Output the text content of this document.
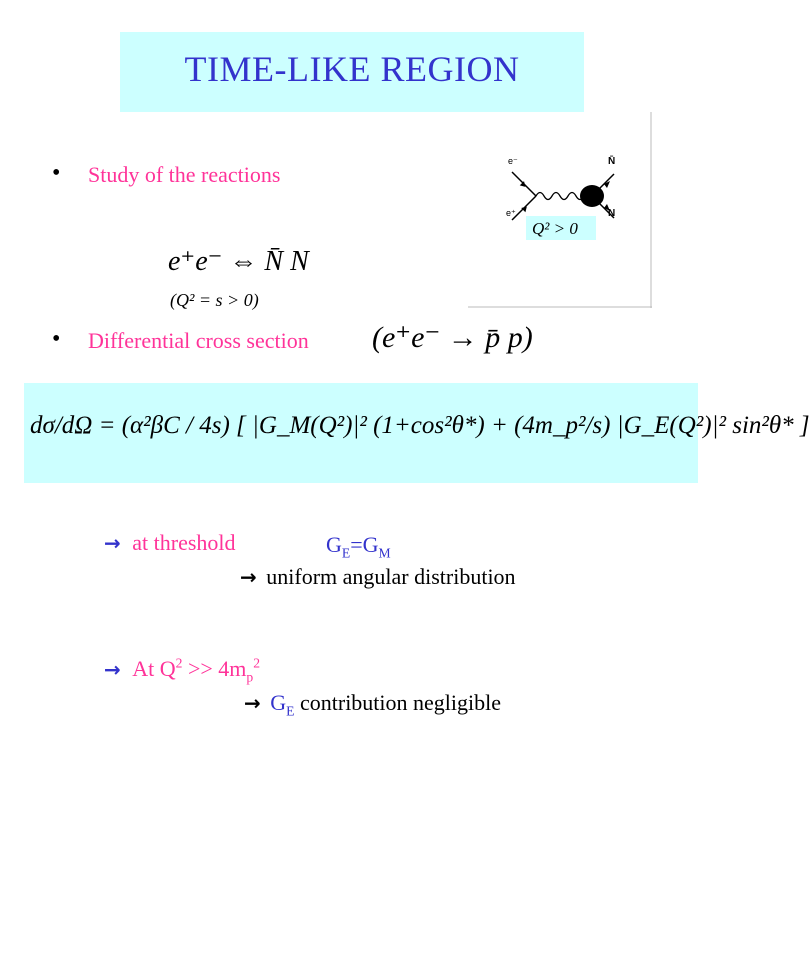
TIME-LIKE REGION
• Study of the reactions
e⁻
e⁺
N̄
N
Q² > 0
e⁺e⁻ ⇔ N̄ N
(Q² = s > 0)
• Differential cross section (e⁺e⁻ → p̄ p)
dσ/dΩ = (α²βC / 4s) [ |G_M(Q²)|² (1+cos²θ*) + (4m_p²/s) |G_E(Q²)|² sin²θ* ]
→ at threshold	$G_E=G_M$
→ uniform angular distribution
→ At $Q^2 >> 4m_p^2$
→ $G_E$ contribution negligible
